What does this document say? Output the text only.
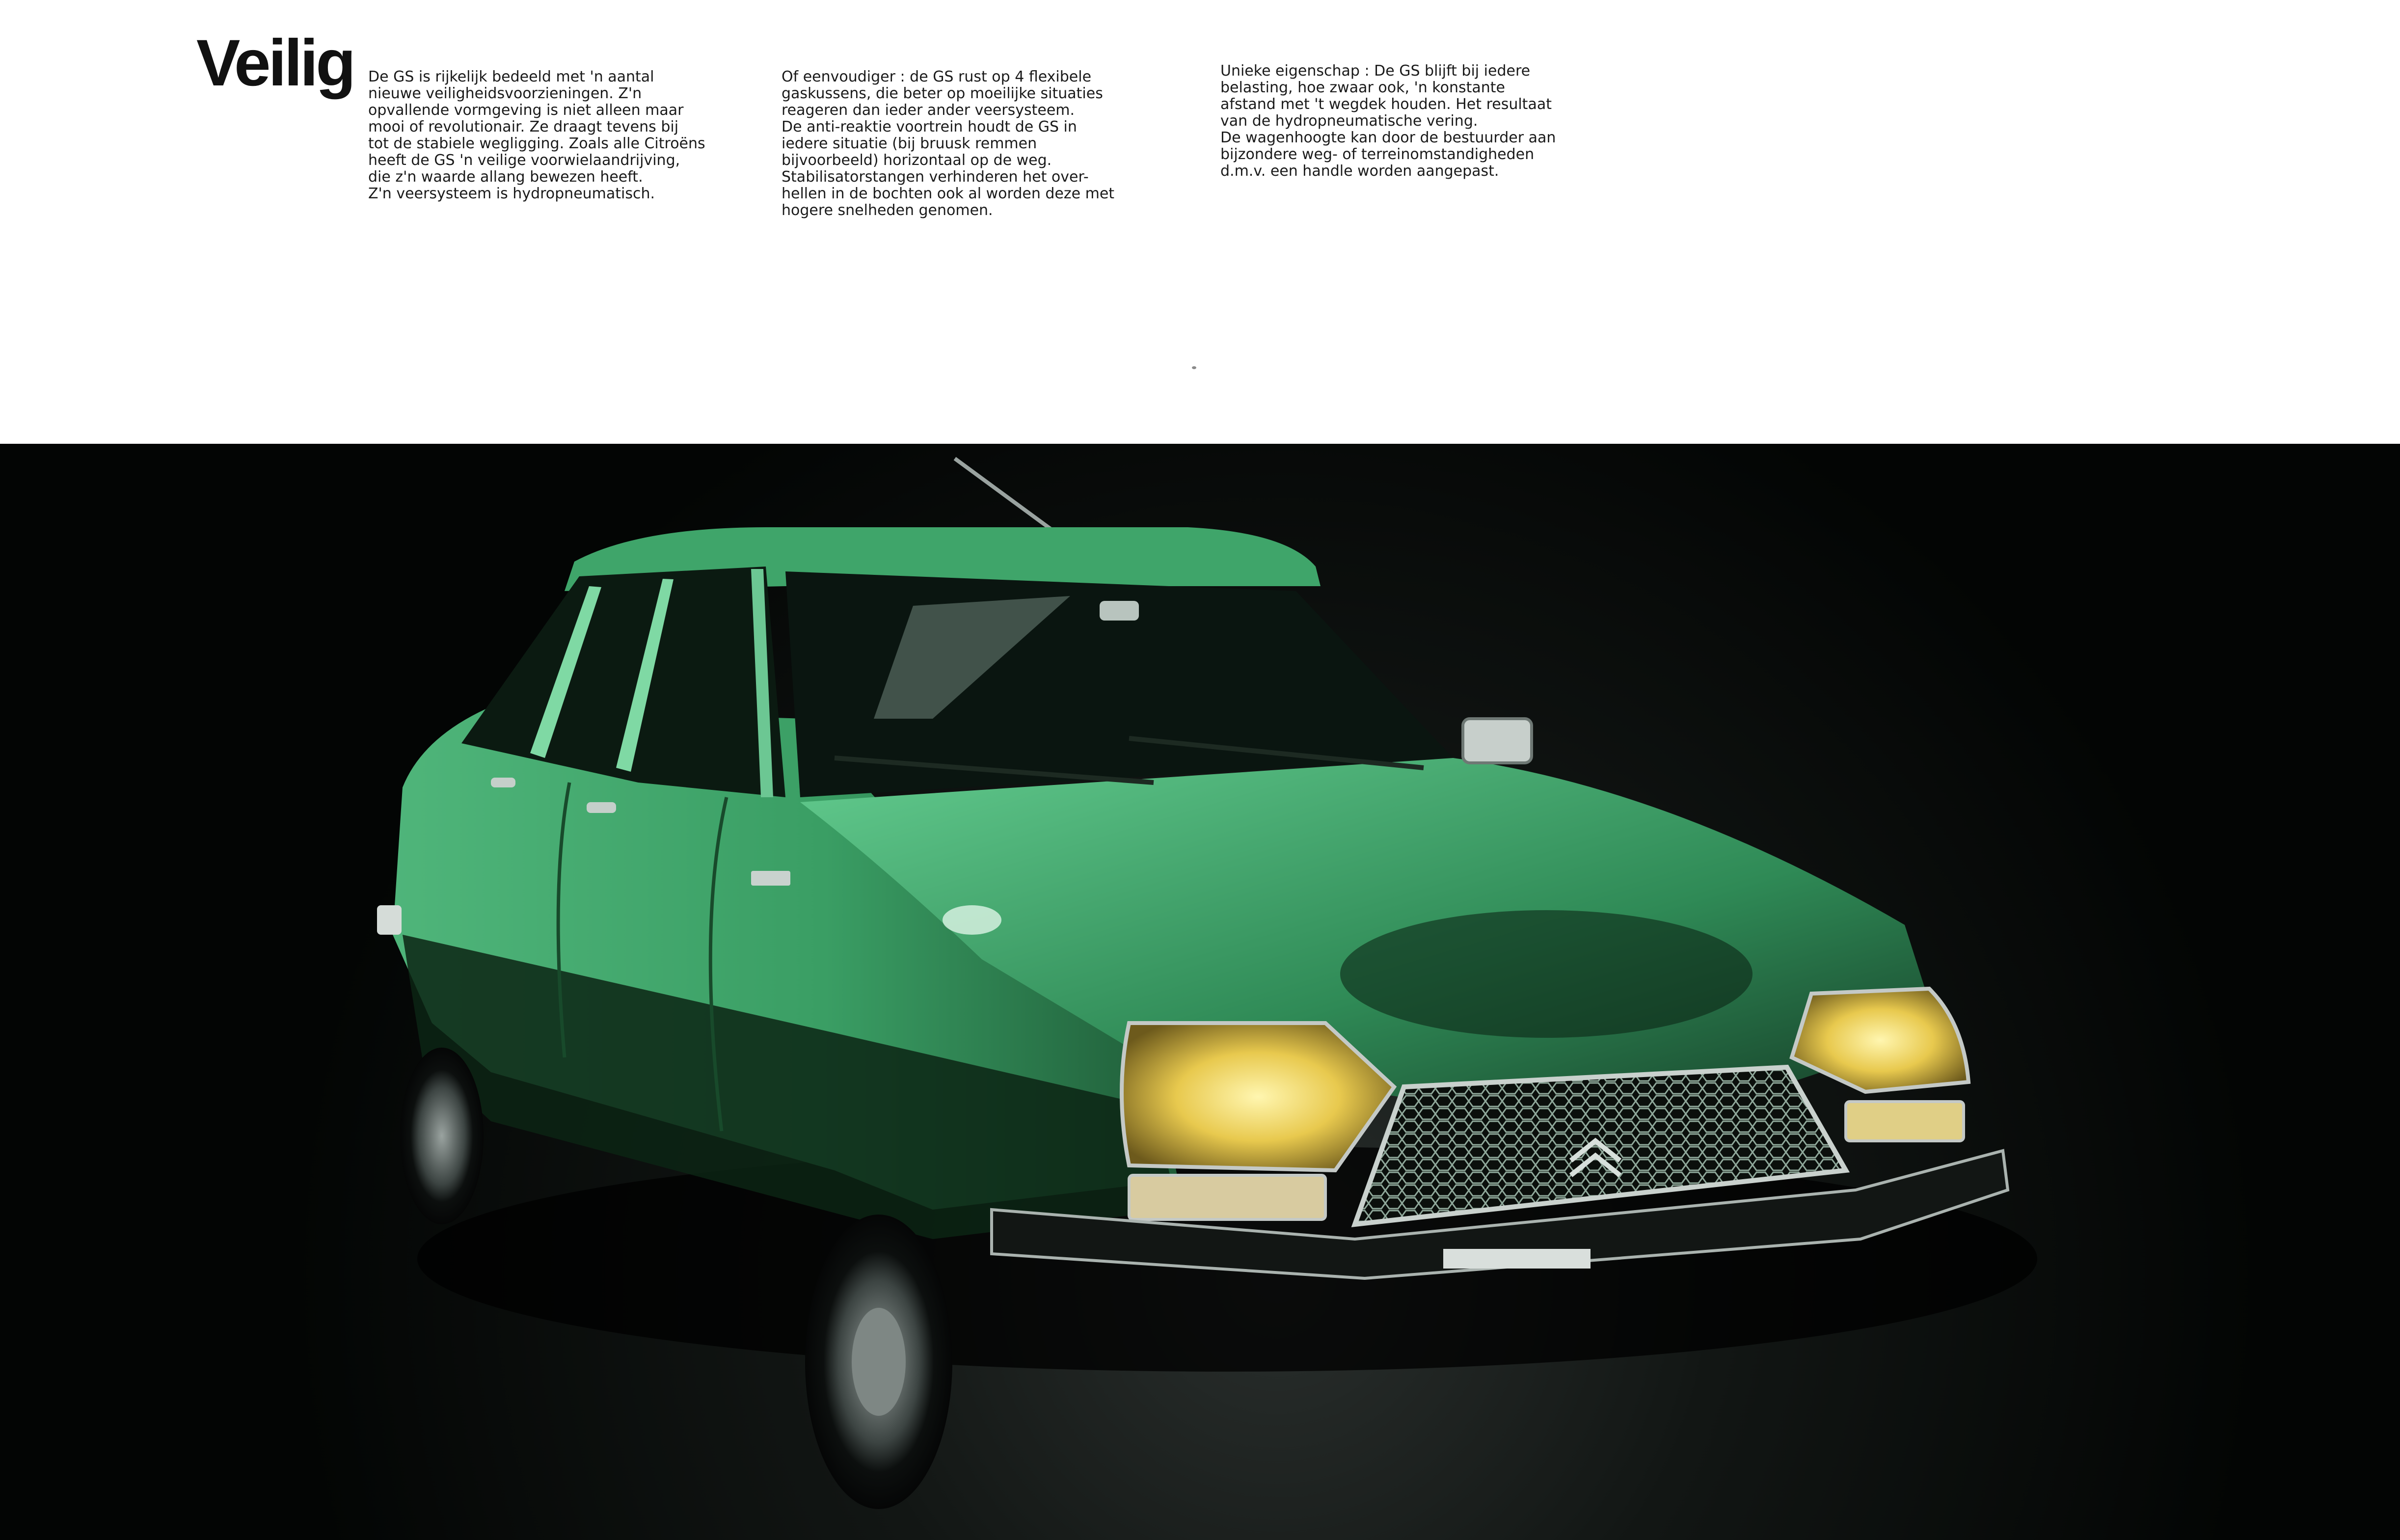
Veilig De GS is rijkelijk bedeeld met 'n aantal
nieuwe veiligheidsvoorzieningen. Z'n
opvallende vormgeving is niet alleen maar
mooi of revolutionair. Ze draagt tevens bij
tot de stabiele wegligging. Zoals alle Citroëns
heeft de GS 'n veilige voorwielaandrijving,
die z'n waarde allang bewezen heeft.
Z'n veersysteem is hydropneumatisch.

Of eenvoudiger : de GS rust op 4 flexibele
gaskussens, die beter op moeilijke situaties
reageren dan ieder ander veersysteem.
De anti-reaktie voortrein houdt de GS in
iedere situatie (bij bruusk remmen
bijvoorbeeld) horizontaal op de weg.
Stabilisatorstangen verhinderen het over-
hellen in de bochten ook al worden deze met
hogere snelheden genomen.

Unieke eigenschap : De GS blijft bij iedere
belasting, hoe zwaar ook, 'n konstante
afstand met 't wegdek houden. Het resultaat
van de hydropneumatische vering.
De wagenhoogte kan door de bestuurder aan
bijzondere weg- of terreinomstandigheden
d.m.v. een handle worden aangepast.
